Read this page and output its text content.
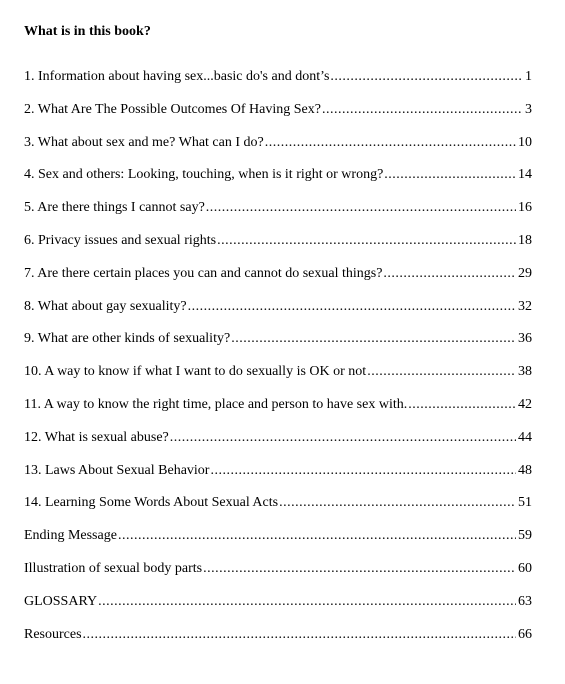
What is in this book?
1. Information about having sex...basic do's and dont’s .....	1
2. What Are The Possible Outcomes Of Having Sex? .....	3
3. What about sex and me? What can I do? .....	10
4. Sex and others: Looking, touching, when is it right or wrong? .....	14
5. Are there things I cannot say? .....	16
6. Privacy issues and sexual rights .....	18
7. Are there certain places you can and cannot do sexual things? .....	29
8. What about gay sexuality? .....	32
9. What are other kinds of sexuality? .....	36
10. A way to know if what I want to do sexually is OK or not .....	38
11. A way to know the right time, place and person to have sex with. .....	42
12. What is sexual abuse? .....	44
13. Laws About Sexual Behavior .....	48
14. Learning Some Words About Sexual Acts .....	51
Ending Message .....	59
Illustration of sexual body parts .....	60
GLOSSARY .....	63
Resources .....	66
